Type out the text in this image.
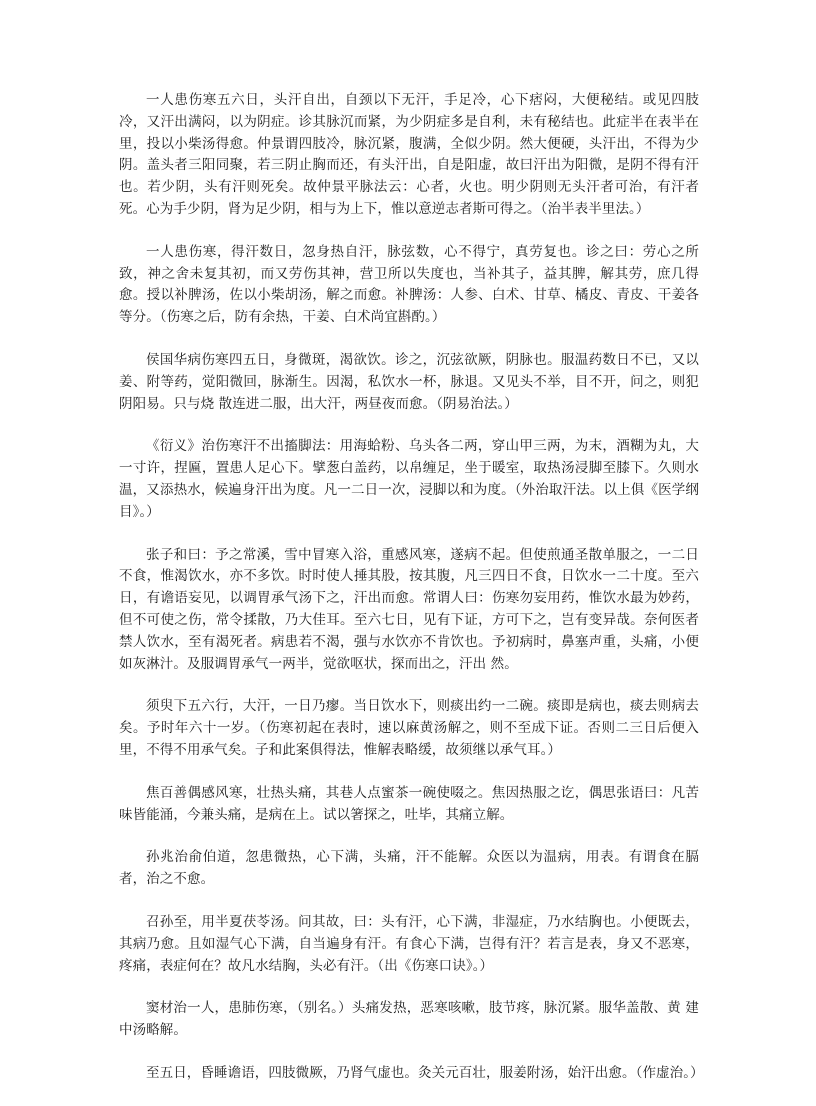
一人患伤寒五六日，头汗自出，自颈以下无汗，手足冷，心下痞闷，大便秘结。或见四肢冷，又汗出满闷，以为阴症。诊其脉沉而紧，为少阴症多是自利，未有秘结也。此症半在表半在里，投以小柴汤得愈。仲景谓四肢冷，脉沉紧，腹满，全似少阴。然大便硬，头汗出，不得为少阴。盖头者三阳同聚，若三阴止胸而还，有头汗出，自是阳虚，故曰汗出为阳微，是阴不得有汗也。若少阴，头有汗则死矣。故仲景平脉法云：心者，火也。明少阴则无头汗者可治，有汗者死。心为手少阴，肾为足少阴，相与为上下，惟以意逆志者斯可得之。（治半表半里法。）

一人患伤寒，得汗数日，忽身热自汗，脉弦数，心不得宁，真劳复也。诊之曰：劳心之所致，神之舍未复其初，而又劳伤其神，营卫所以失度也，当补其子，益其脾，解其劳，庶几得愈。授以补脾汤，佐以小柴胡汤，解之而愈。补脾汤：人参、白术、甘草、橘皮、青皮、干姜各等分。（伤寒之后，防有余热，干姜、白术尚宜斟酌。）

侯国华病伤寒四五日，身微斑，渴欲饮。诊之，沉弦欲厥，阴脉也。服温药数日不已，又以姜、附等药，觉阳微回，脉渐生。因渴，私饮水一杯，脉退。又见头不举，目不开，问之，则犯阴阳易。只与烧 散连进二服，出大汗，两昼夜而愈。（阴易治法。）

《衍义》治伤寒汗不出搐脚法：用海蛤粉、乌头各二两，穿山甲三两，为末，酒糊为丸，大一寸许，捏匾，置患人足心下。擘葱白盖药，以帛缠足，坐于暖室，取热汤浸脚至膝下。久则水温，又添热水，候遍身汗出为度。凡一二日一次，浸脚以和为度。（外治取汗法。以上俱《医学纲目》。）

张子和曰：予之常溪，雪中冒寒入浴，重感风寒，遂病不起。但使煎通圣散单服之，一二日不食，惟渴饮水，亦不多饮。时时使人捶其股，按其腹，凡三四日不食，日饮水一二十度。至六日，有谵语妄见，以调胃承气汤下之，汗出而愈。常谓人曰：伤寒勿妄用药，惟饮水最为妙药，但不可使之伤，常令揉散，乃大佳耳。至六七日，见有下证，方可下之，岂有变异哉。奈何医者禁人饮水，至有渴死者。病患若不渴，强与水饮亦不肯饮也。予初病时，鼻塞声重，头痛，小便如灰淋汁。及服调胃承气一两半，觉欲呕状，探而出之，汗出 然。

须臾下五六行，大汗，一日乃瘳。当日饮水下，则痰出约一二碗。痰即是病也，痰去则病去矣。予时年六十一岁。（伤寒初起在表时，速以麻黄汤解之，则不至成下证。否则二三日后便入里，不得不用承气矣。子和此案俱得法，惟解表略缓，故须继以承气耳。）

焦百善偶感风寒，壮热头痛，其巷人点蜜茶一碗使啜之。焦因热服之讫，偶思张语曰：凡苦味皆能涌，今兼头痛，是病在上。试以箸探之，吐毕，其痛立解。

孙兆治俞伯道，忽患微热，心下满，头痛，汗不能解。众医以为温病，用表。有谓食在膈者，治之不愈。

召孙至，用半夏茯苓汤。问其故，曰：头有汗，心下满，非湿症，乃水结胸也。小便既去，其病乃愈。且如湿气心下满，自当遍身有汗。有食心下满，岂得有汗？若言是表，身又不恶寒，疼痛，表症何在？故凡水结胸，头必有汗。（出《伤寒口诀》。）

窦材治一人，患肺伤寒，（别名。）头痛发热，恶寒咳嗽，肢节疼，脉沉紧。服华盖散、黄 建中汤略解。

至五日，昏睡谵语，四肢微厥，乃肾气虚也。灸关元百壮，服姜附汤，始汗出愈。（作虚治。）
